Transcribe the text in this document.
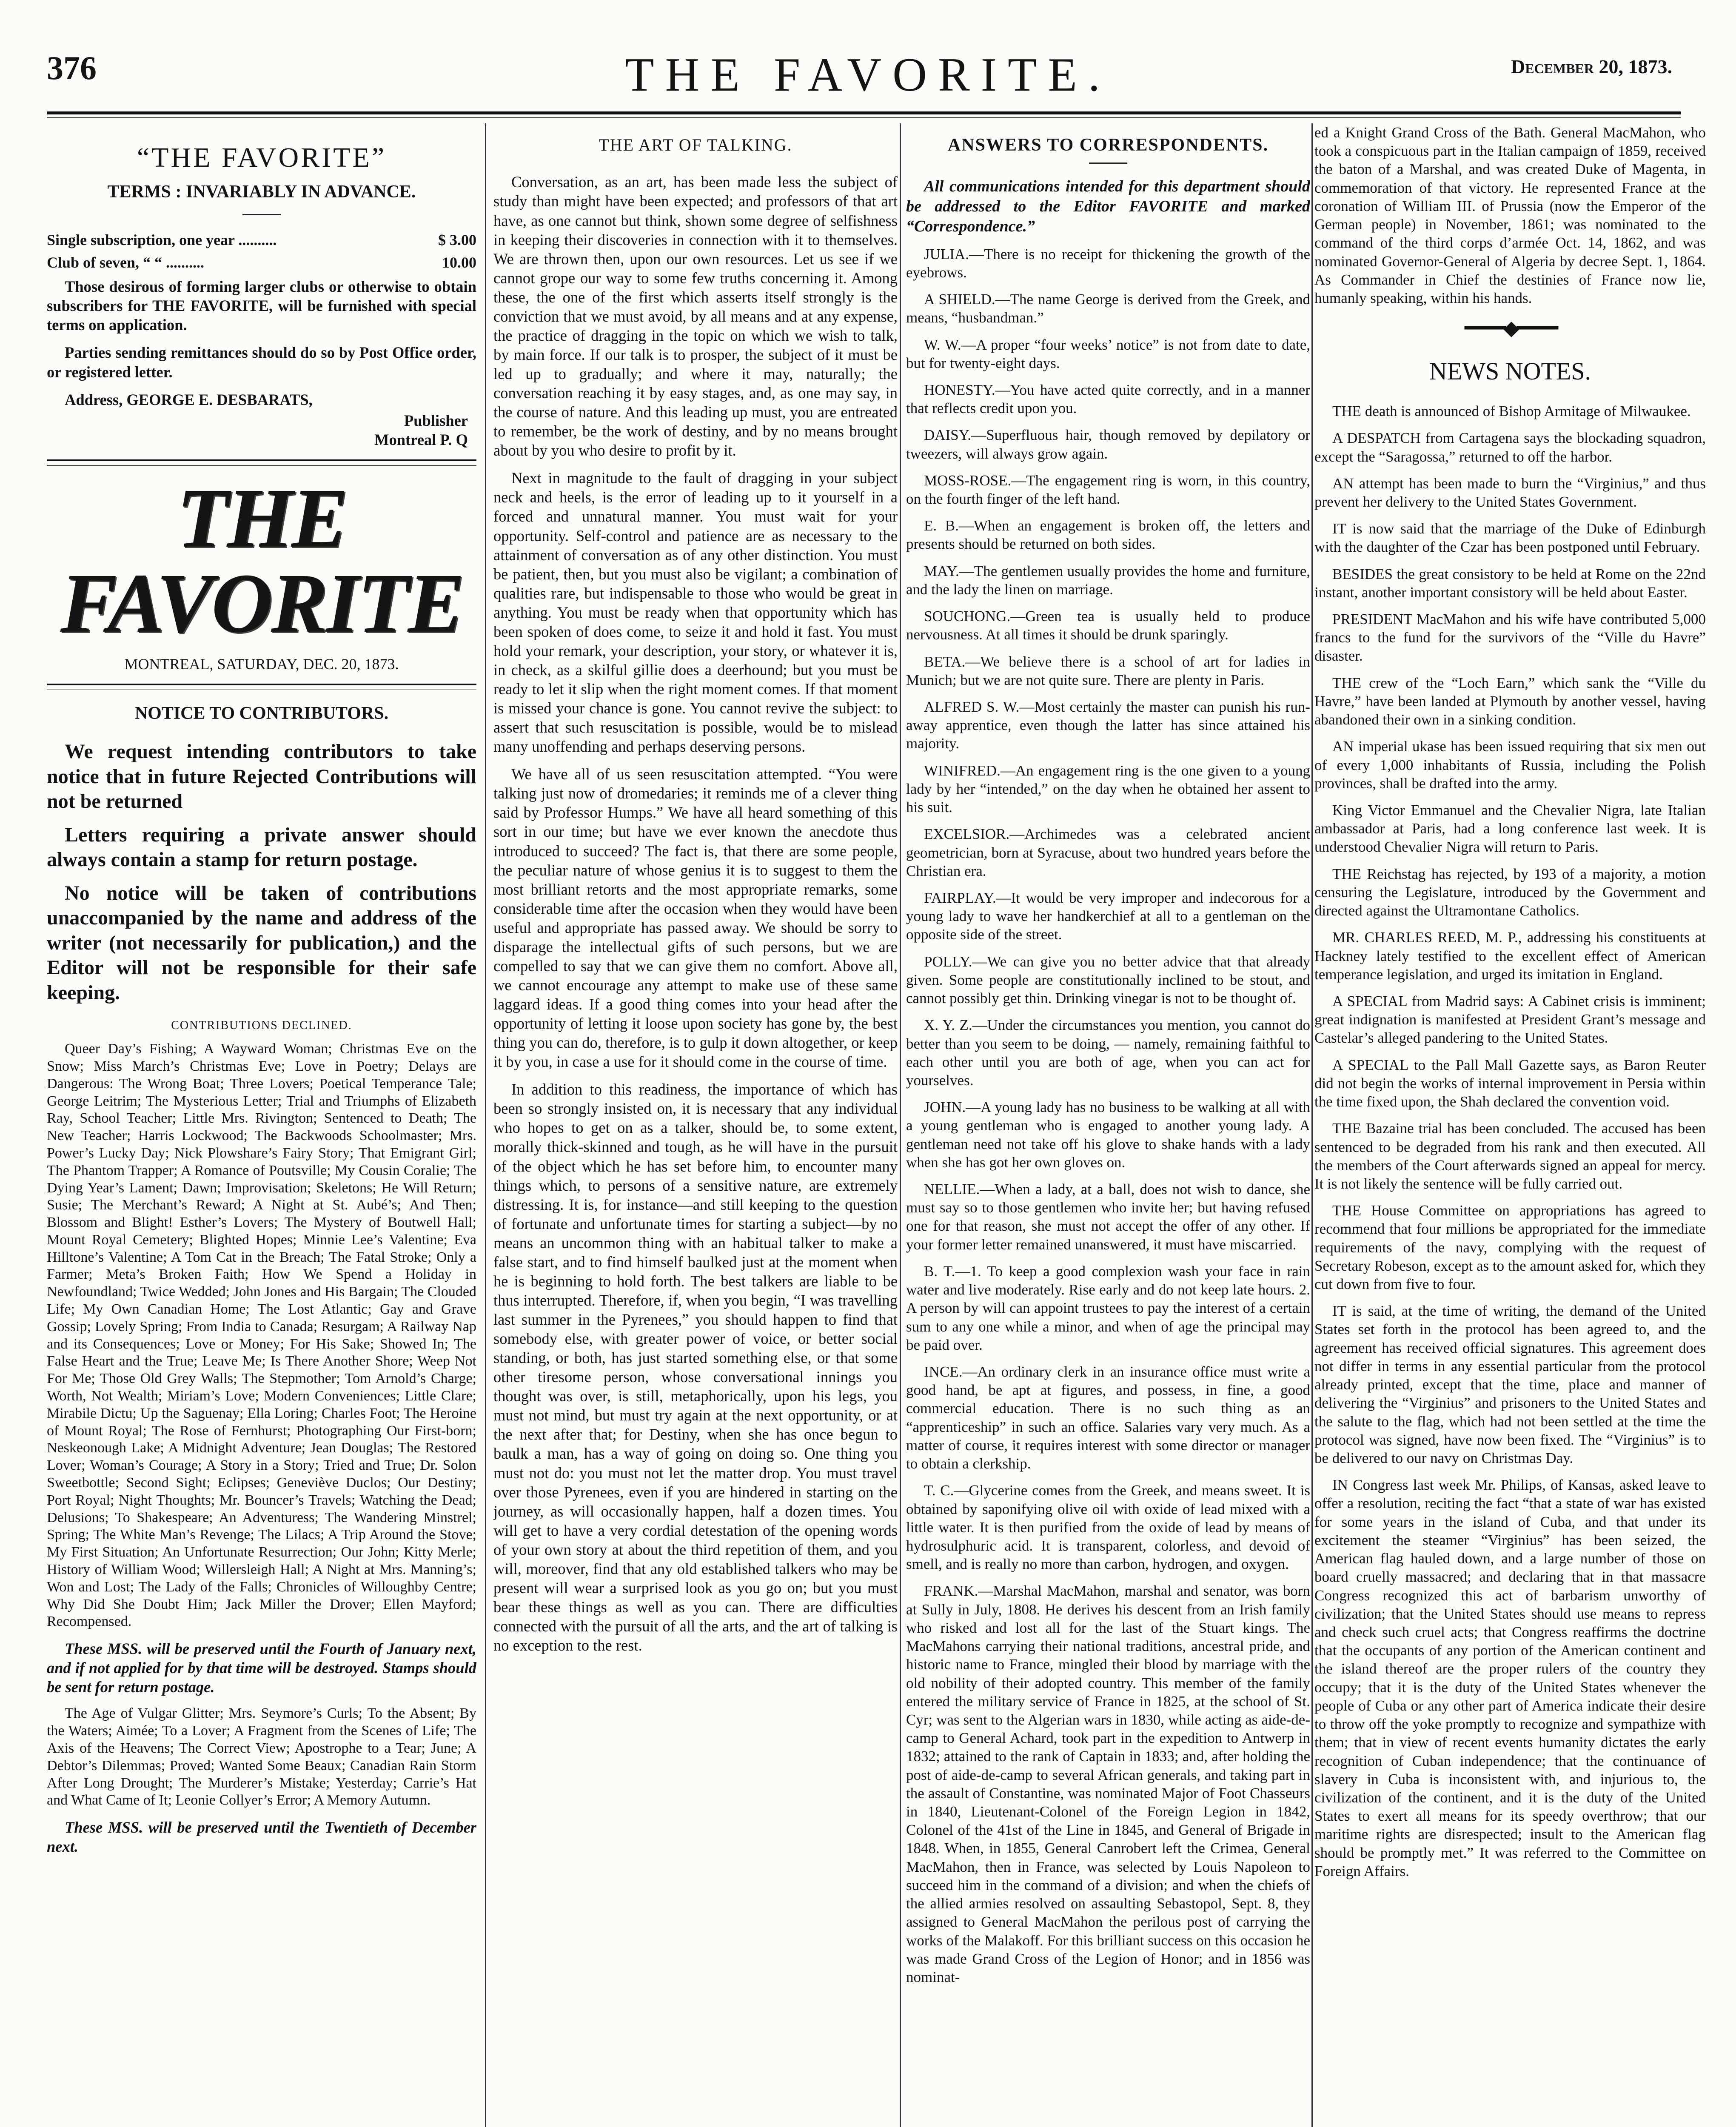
376	THE FAVORITE.	December 20, 1873.
“THE FAVORITE”
TERMS : INVARIABLY IN ADVANCE.
Single subscription, one year ..........	$ 3.00
Club of seven, “ “ ..........	10.00

Those desirous of forming larger clubs or otherwise to obtain subscribers for THE FAVORITE, will be furnished with special terms on application.

Parties sending remittances should do so by Post Office order, or registered letter.

Address, GEORGE E. DESBARATS,

Publisher

Montreal P. Q

THE FAVORITE
MONTREAL, SATURDAY, DEC. 20, 1873.
NOTICE TO CONTRIBUTORS.

We request intending contributors to take notice that in future Rejected Contributions will not be returned

Letters requiring a private answer should always contain a stamp for return postage.

No notice will be taken of contributions unaccompanied by the name and address of the writer (not necessarily for publication,) and the Editor will not be responsible for their safe keeping.

CONTRIBUTIONS DECLINED.
Queer Day’s Fishing; A Wayward Woman; Christmas Eve on the Snow; Miss March’s Christmas Eve; Love in Poetry; Delays are Dangerous: The Wrong Boat; Three Lovers; Poetical Temperance Tale; George Leitrim; The Mysterious Letter; Trial and Triumphs of Elizabeth Ray, School Teacher; Little Mrs. Rivington; Sentenced to Death; The New Teacher; Harris Lockwood; The Backwoods Schoolmaster; Mrs. Power’s Lucky Day; Nick Plowshare’s Fairy Story; That Emigrant Girl; The Phantom Trapper; A Romance of Poutsville; My Cousin Coralie; The Dying Year’s Lament; Dawn; Improvisation; Skeletons; He Will Return; Susie; The Merchant’s Reward; A Night at St. Aubé’s; And Then; Blossom and Blight! Esther’s Lovers; The Mystery of Boutwell Hall; Mount Royal Cemetery; Blighted Hopes; Minnie Lee’s Valentine; Eva Hilltone’s Valentine; A Tom Cat in the Breach; The Fatal Stroke; Only a Farmer; Meta’s Broken Faith; How We Spend a Holiday in Newfoundland; Twice Wedded; John Jones and His Bargain; The Clouded Life; My Own Canadian Home; The Lost Atlantic; Gay and Grave Gossip; Lovely Spring; From India to Canada; Resurgam; A Railway Nap and its Consequences; Love or Money; For His Sake; Showed In; The False Heart and the True; Leave Me; Is There Another Shore; Weep Not For Me; Those Old Grey Walls; The Stepmother; Tom Arnold’s Charge; Worth, Not Wealth; Miriam’s Love; Modern Conveniences; Little Clare; Mirabile Dictu; Up the Saguenay; Ella Loring; Charles Foot; The Heroine of Mount Royal; The Rose of Fernhurst; Photographing Our First-born; Neskeonough Lake; A Midnight Adventure; Jean Douglas; The Restored Lover; Woman’s Courage; A Story in a Story; Tried and True; Dr. Solon Sweetbottle; Second Sight; Eclipses; Geneviève Duclos; Our Destiny; Port Royal; Night Thoughts; Mr. Bouncer’s Travels; Watching the Dead; Delusions; To Shakespeare; An Adventuress; The Wandering Minstrel; Spring; The White Man’s Revenge; The Lilacs; A Trip Around the Stove; My First Situation; An Unfortunate Resurrection; Our John; Kitty Merle; History of William Wood; Willersleigh Hall; A Night at Mrs. Manning’s; Won and Lost; The Lady of the Falls; Chronicles of Willoughby Centre; Why Did She Doubt Him; Jack Miller the Drover; Ellen Mayford; Recompensed.

These MSS. will be preserved until the Fourth of January next, and if not applied for by that time will be destroyed. Stamps should be sent for return postage.

The Age of Vulgar Glitter; Mrs. Seymore’s Curls; To the Absent; By the Waters; Aimée; To a Lover; A Fragment from the Scenes of Life; The Axis of the Heavens; The Correct View; Apostrophe to a Tear; June; A Debtor’s Dilemmas; Proved; Wanted Some Beaux; Canadian Rain Storm After Long Drought; The Murderer’s Mistake; Yesterday; Carrie’s Hat and What Came of It; Leonie Collyer’s Error; A Memory Autumn.

These MSS. will be preserved until the Twentieth of December next.

THE ART OF TALKING.

Conversation, as an art, has been made less the subject of study than might have been expected; and professors of that art have, as one cannot but think, shown some degree of selfishness in keeping their discoveries in connection with it to themselves. We are thrown then, upon our own resources. Let us see if we cannot grope our way to some few truths concerning it. Among these, the one of the first which asserts itself strongly is the conviction that we must avoid, by all means and at any expense, the practice of dragging in the topic on which we wish to talk, by main force. If our talk is to prosper, the subject of it must be led up to gradually; and where it may, naturally; the conversation reaching it by easy stages, and, as one may say, in the course of nature. And this leading up must, you are entreated to remember, be the work of destiny, and by no means brought about by you who desire to profit by it.

Next in magnitude to the fault of dragging in your subject neck and heels, is the error of leading up to it yourself in a forced and unnatural manner. You must wait for your opportunity. Self-control and patience are as necessary to the attainment of conversation as of any other distinction. You must be patient, then, but you must also be vigilant; a combination of qualities rare, but indispensable to those who would be great in anything. You must be ready when that opportunity which has been spoken of does come, to seize it and hold it fast. You must hold your remark, your description, your story, or whatever it is, in check, as a skilful gillie does a deerhound; but you must be ready to let it slip when the right moment comes. If that moment is missed your chance is gone. You cannot revive the subject: to assert that such resuscitation is possible, would be to mislead many unoffending and perhaps deserving persons.

We have all of us seen resuscitation attempted. “You were talking just now of dromedaries; it reminds me of a clever thing said by Professor Humps.” We have all heard something of this sort in our time; but have we ever known the anecdote thus introduced to succeed? The fact is, that there are some people, the peculiar nature of whose genius it is to suggest to them the most brilliant retorts and the most appropriate remarks, some considerable time after the occasion when they would have been useful and appropriate has passed away. We should be sorry to disparage the intellectual gifts of such persons, but we are compelled to say that we can give them no comfort. Above all, we cannot encourage any attempt to make use of these same laggard ideas. If a good thing comes into your head after the opportunity of letting it loose upon society has gone by, the best thing you can do, therefore, is to gulp it down altogether, or keep it by you, in case a use for it should come in the course of time.

In addition to this readiness, the importance of which has been so strongly insisted on, it is necessary that any individual who hopes to get on as a talker, should be, to some extent, morally thick-skinned and tough, as he will have in the pursuit of the object which he has set before him, to encounter many things which, to persons of a sensitive nature, are extremely distressing. It is, for instance—and still keeping to the question of fortunate and unfortunate times for starting a subject—by no means an uncommon thing with an habitual talker to make a false start, and to find himself baulked just at the moment when he is beginning to hold forth. The best talkers are liable to be thus interrupted. Therefore, if, when you begin, “I was travelling last summer in the Pyrenees,” you should happen to find that somebody else, with greater power of voice, or better social standing, or both, has just started something else, or that some other tiresome person, whose conversational innings you thought was over, is still, metaphorically, upon his legs, you must not mind, but must try again at the next opportunity, or at the next after that; for Destiny, when she has once begun to baulk a man, has a way of going on doing so. One thing you must not do: you must not let the matter drop. You must travel over those Pyrenees, even if you are hindered in starting on the journey, as will occasionally happen, half a dozen times. You will get to have a very cordial detestation of the opening words of your own story at about the third repetition of them, and you will, moreover, find that any old established talkers who may be present will wear a surprised look as you go on; but you must bear these things as well as you can. There are difficulties connected with the pursuit of all the arts, and the art of talking is no exception to the rest.

ANSWERS TO CORRESPONDENTS.

All communications intended for this department should be addressed to the Editor FAVORITE and marked “Correspondence.”

JULIA.—There is no receipt for thickening the growth of the eyebrows.

A SHIELD.—The name George is derived from the Greek, and means, “husbandman.”

W. W.—A proper “four weeks’ notice” is not from date to date, but for twenty-eight days.

HONESTY.—You have acted quite correctly, and in a manner that reflects credit upon you.

DAISY.—Superfluous hair, though removed by depilatory or tweezers, will always grow again.

MOSS-ROSE.—The engagement ring is worn, in this country, on the fourth finger of the left hand.

E. B.—When an engagement is broken off, the letters and presents should be returned on both sides.

MAY.—The gentlemen usually provides the home and furniture, and the lady the linen on marriage.

SOUCHONG.—Green tea is usually held to produce nervousness. At all times it should be drunk sparingly.

BETA.—We believe there is a school of art for ladies in Munich; but we are not quite sure. There are plenty in Paris.

ALFRED S. W.—Most certainly the master can punish his run-away apprentice, even though the latter has since attained his majority.

WINIFRED.—An engagement ring is the one given to a young lady by her “intended,” on the day when he obtained her assent to his suit.

EXCELSIOR.—Archimedes was a celebrated ancient geometrician, born at Syracuse, about two hundred years before the Christian era.

FAIRPLAY.—It would be very improper and indecorous for a young lady to wave her handkerchief at all to a gentleman on the opposite side of the street.

POLLY.—We can give you no better advice that that already given. Some people are constitutionally inclined to be stout, and cannot possibly get thin. Drinking vinegar is not to be thought of.

X. Y. Z.—Under the circumstances you mention, you cannot do better than you seem to be doing, — namely, remaining faithful to each other until you are both of age, when you can act for yourselves.

JOHN.—A young lady has no business to be walking at all with a young gentleman who is engaged to another young lady. A gentleman need not take off his glove to shake hands with a lady when she has got her own gloves on.

NELLIE.—When a lady, at a ball, does not wish to dance, she must say so to those gentlemen who invite her; but having refused one for that reason, she must not accept the offer of any other. If your former letter remained unanswered, it must have miscarried.

B. T.—1. To keep a good complexion wash your face in rain water and live moderately. Rise early and do not keep late hours. 2. A person by will can appoint trustees to pay the interest of a certain sum to any one while a minor, and when of age the principal may be paid over.

INCE.—An ordinary clerk in an insurance office must write a good hand, be apt at figures, and possess, in fine, a good commercial education. There is no such thing as an “apprenticeship” in such an office. Salaries vary very much. As a matter of course, it requires interest with some director or manager to obtain a clerkship.

T. C.—Glycerine comes from the Greek, and means sweet. It is obtained by saponifying olive oil with oxide of lead mixed with a little water. It is then purified from the oxide of lead by means of hydrosulphuric acid. It is transparent, colorless, and devoid of smell, and is really no more than carbon, hydrogen, and oxygen.

FRANK.—Marshal MacMahon, marshal and senator, was born at Sully in July, 1808. He derives his descent from an Irish family who risked and lost all for the last of the Stuart kings. The MacMahons carrying their national traditions, ancestral pride, and historic name to France, mingled their blood by marriage with the old nobility of their adopted country. This member of the family entered the military service of France in 1825, at the school of St. Cyr; was sent to the Algerian wars in 1830, while acting as aide-de-camp to General Achard, took part in the expedition to Antwerp in 1832; attained to the rank of Captain in 1833; and, after holding the post of aide-de-camp to several African generals, and taking part in the assault of Constantine, was nominated Major of Foot Chasseurs in 1840, Lieutenant-Colonel of the Foreign Legion in 1842, Colonel of the 41st of the Line in 1845, and General of Brigade in 1848. When, in 1855, General Canrobert left the Crimea, General MacMahon, then in France, was selected by Louis Napoleon to succeed him in the command of a division; and when the chiefs of the allied armies resolved on assaulting Sebastopol, Sept. 8, they assigned to General MacMahon the perilous post of carrying the works of the Malakoff. For this brilliant success on this occasion he was made Grand Cross of the Legion of Honor; and in 1856 was nominat-

ed a Knight Grand Cross of the Bath. General MacMahon, who took a conspicuous part in the Italian campaign of 1859, received the baton of a Marshal, and was created Duke of Magenta, in commemoration of that victory. He represented France at the coronation of William III. of Prussia (now the Emperor of the German people) in November, 1861; was nominated to the command of the third corps d’armée Oct. 14, 1862, and was nominated Governor-General of Algeria by decree Sept. 1, 1864. As Commander in Chief the destinies of France now lie, humanly speaking, within his hands.

━━━━◆━━━━
NEWS NOTES.

THE death is announced of Bishop Armitage of Milwaukee.

A DESPATCH from Cartagena says the blockading squadron, except the “Saragossa,” returned to off the harbor.

AN attempt has been made to burn the “Virginius,” and thus prevent her delivery to the United States Government.

IT is now said that the marriage of the Duke of Edinburgh with the daughter of the Czar has been postponed until February.

BESIDES the great consistory to be held at Rome on the 22nd instant, another important consistory will be held about Easter.

PRESIDENT MacMahon and his wife have contributed 5,000 francs to the fund for the survivors of the “Ville du Havre” disaster.

THE crew of the “Loch Earn,” which sank the “Ville du Havre,” have been landed at Plymouth by another vessel, having abandoned their own in a sinking condition.

AN imperial ukase has been issued requiring that six men out of every 1,000 inhabitants of Russia, including the Polish provinces, shall be drafted into the army.

King Victor Emmanuel and the Chevalier Nigra, late Italian ambassador at Paris, had a long conference last week. It is understood Chevalier Nigra will return to Paris.

THE Reichstag has rejected, by 193 of a majority, a motion censuring the Legislature, introduced by the Government and directed against the Ultramontane Catholics.

MR. CHARLES REED, M. P., addressing his constituents at Hackney lately testified to the excellent effect of American temperance legislation, and urged its imitation in England.

A SPECIAL from Madrid says: A Cabinet crisis is imminent; great indignation is manifested at President Grant’s message and Castelar’s alleged pandering to the United States.

A SPECIAL to the Pall Mall Gazette says, as Baron Reuter did not begin the works of internal improvement in Persia within the time fixed upon, the Shah declared the convention void.

THE Bazaine trial has been concluded. The accused has been sentenced to be degraded from his rank and then executed. All the members of the Court afterwards signed an appeal for mercy. It is not likely the sentence will be fully carried out.

THE House Committee on appropriations has agreed to recommend that four millions be appropriated for the immediate requirements of the navy, complying with the request of Secretary Robeson, except as to the amount asked for, which they cut down from five to four.

IT is said, at the time of writing, the demand of the United States set forth in the protocol has been agreed to, and the agreement has received official signatures. This agreement does not differ in terms in any essential particular from the protocol already printed, except that the time, place and manner of delivering the “Virginius” and prisoners to the United States and the salute to the flag, which had not been settled at the time the protocol was signed, have now been fixed. The “Virginius” is to be delivered to our navy on Christmas Day.

IN Congress last week Mr. Philips, of Kansas, asked leave to offer a resolution, reciting the fact “that a state of war has existed for some years in the island of Cuba, and that under its excitement the steamer “Virginius” has been seized, the American flag hauled down, and a large number of those on board cruelly massacred; and declaring that in that massacre Congress recognized this act of barbarism unworthy of civilization; that the United States should use means to repress and check such cruel acts; that Congress reaffirms the doctrine that the occupants of any portion of the American continent and the island thereof are the proper rulers of the country they occupy; that it is the duty of the United States whenever the people of Cuba or any other part of America indicate their desire to throw off the yoke promptly to recognize and sympathize with them; that in view of recent events humanity dictates the early recognition of Cuban independence; that the continuance of slavery in Cuba is inconsistent with, and injurious to, the civilization of the continent, and it is the duty of the United States to exert all means for its speedy overthrow; that our maritime rights are disrespected; insult to the American flag should be promptly met.” It was referred to the Committee on Foreign Affairs.
